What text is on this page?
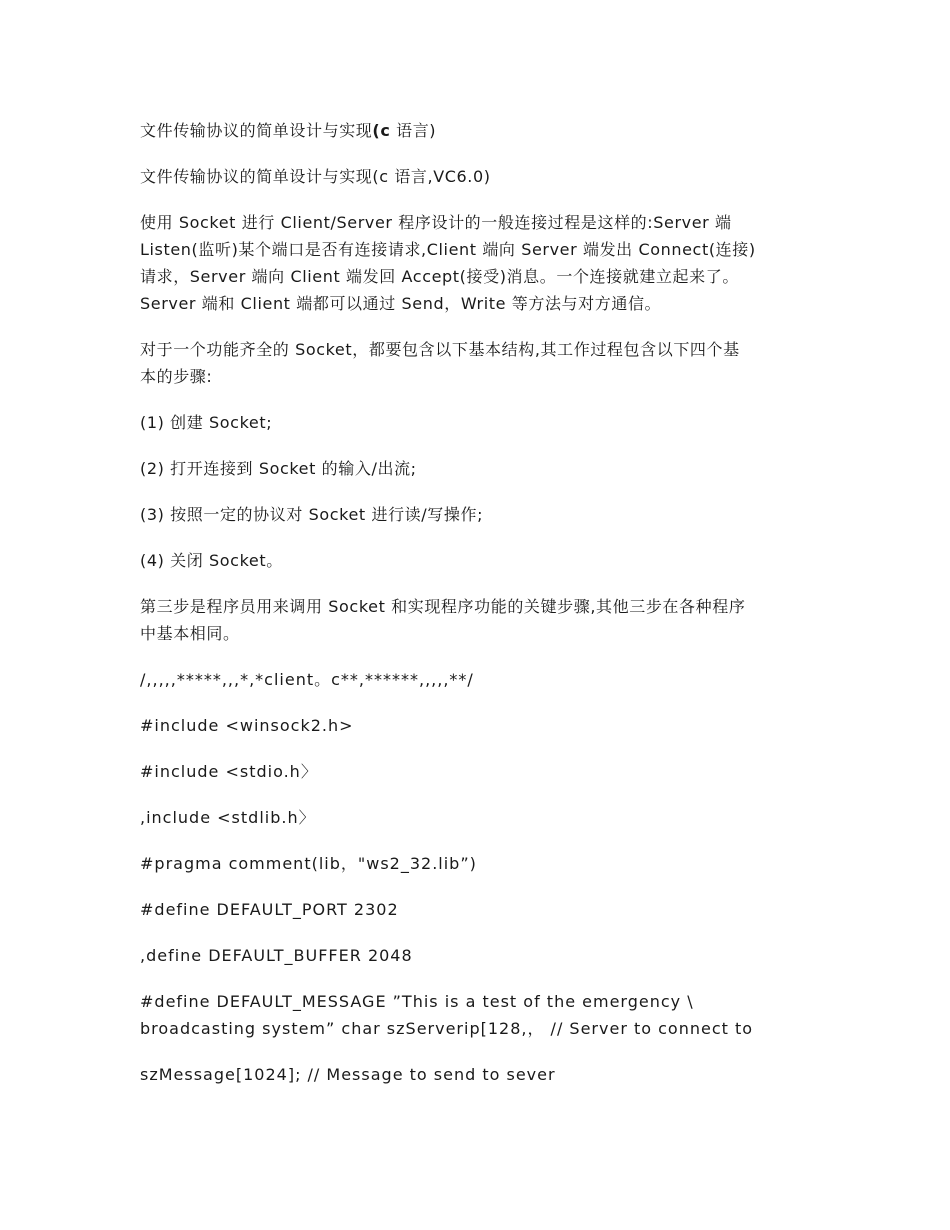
文件传输协议的简单设计与实现(c 语言)

文件传输协议的简单设计与实现(c 语言,VC6.0)

使用 Socket 进行 Client/Server 程序设计的一般连接过程是这样的:Server 端
Listen(监听)某个端口是否有连接请求,Client 端向 Server 端发出 Connect(连接)
请求，Server 端向 Client 端发回 Accept(接受)消息。一个连接就建立起来了。
Server 端和 Client 端都可以通过 Send，Write 等方法与对方通信。

对于一个功能齐全的 Socket，都要包含以下基本结构,其工作过程包含以下四个基
本的步骤:

(1) 创建 Socket;

(2) 打开连接到 Socket 的输入/出流;

(3) 按照一定的协议对 Socket 进行读/写操作;

(4) 关闭 Socket。

第三步是程序员用来调用 Socket 和实现程序功能的关键步骤,其他三步在各种程序
中基本相同。

/,,,,,*****,,,*,*client。c**,******,,,,,**/

#include <winsock2.h>

#include <stdio.h〉

,include <stdlib.h〉

#pragma comment(lib，"ws2_32.lib”)

#define DEFAULT_PORT 2302

,define DEFAULT_BUFFER 2048

#define DEFAULT_MESSAGE ”This is a test of the emergency \
broadcasting system” char szServerip[128,， // Server to connect to

szMessage[1024]; // Message to send to sever
